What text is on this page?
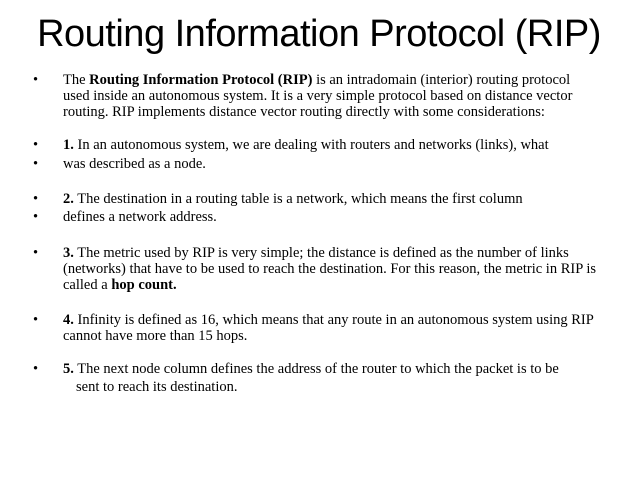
Routing Information Protocol (RIP)
• The Routing Information Protocol (RIP) is an intradomain (interior) routing protocol used inside an autonomous system. It is a very simple protocol based on distance vector routing. RIP implements distance vector routing directly with some considerations:
• 1. In an autonomous system, we are dealing with routers and networks (links), what
• was described as a node.
• 2. The destination in a routing table is a network, which means the first column
• defines a network address.
• 3. The metric used by RIP is very simple; the distance is defined as the number of links (networks) that have to be used to reach the destination. For this reason, the metric in RIP is called a hop count.
• 4. Infinity is defined as 16, which means that any route in an autonomous system using RIP cannot have more than 15 hops.
• 5. The next node column defines the address of the router to which the packet is to be
sent to reach its destination.
